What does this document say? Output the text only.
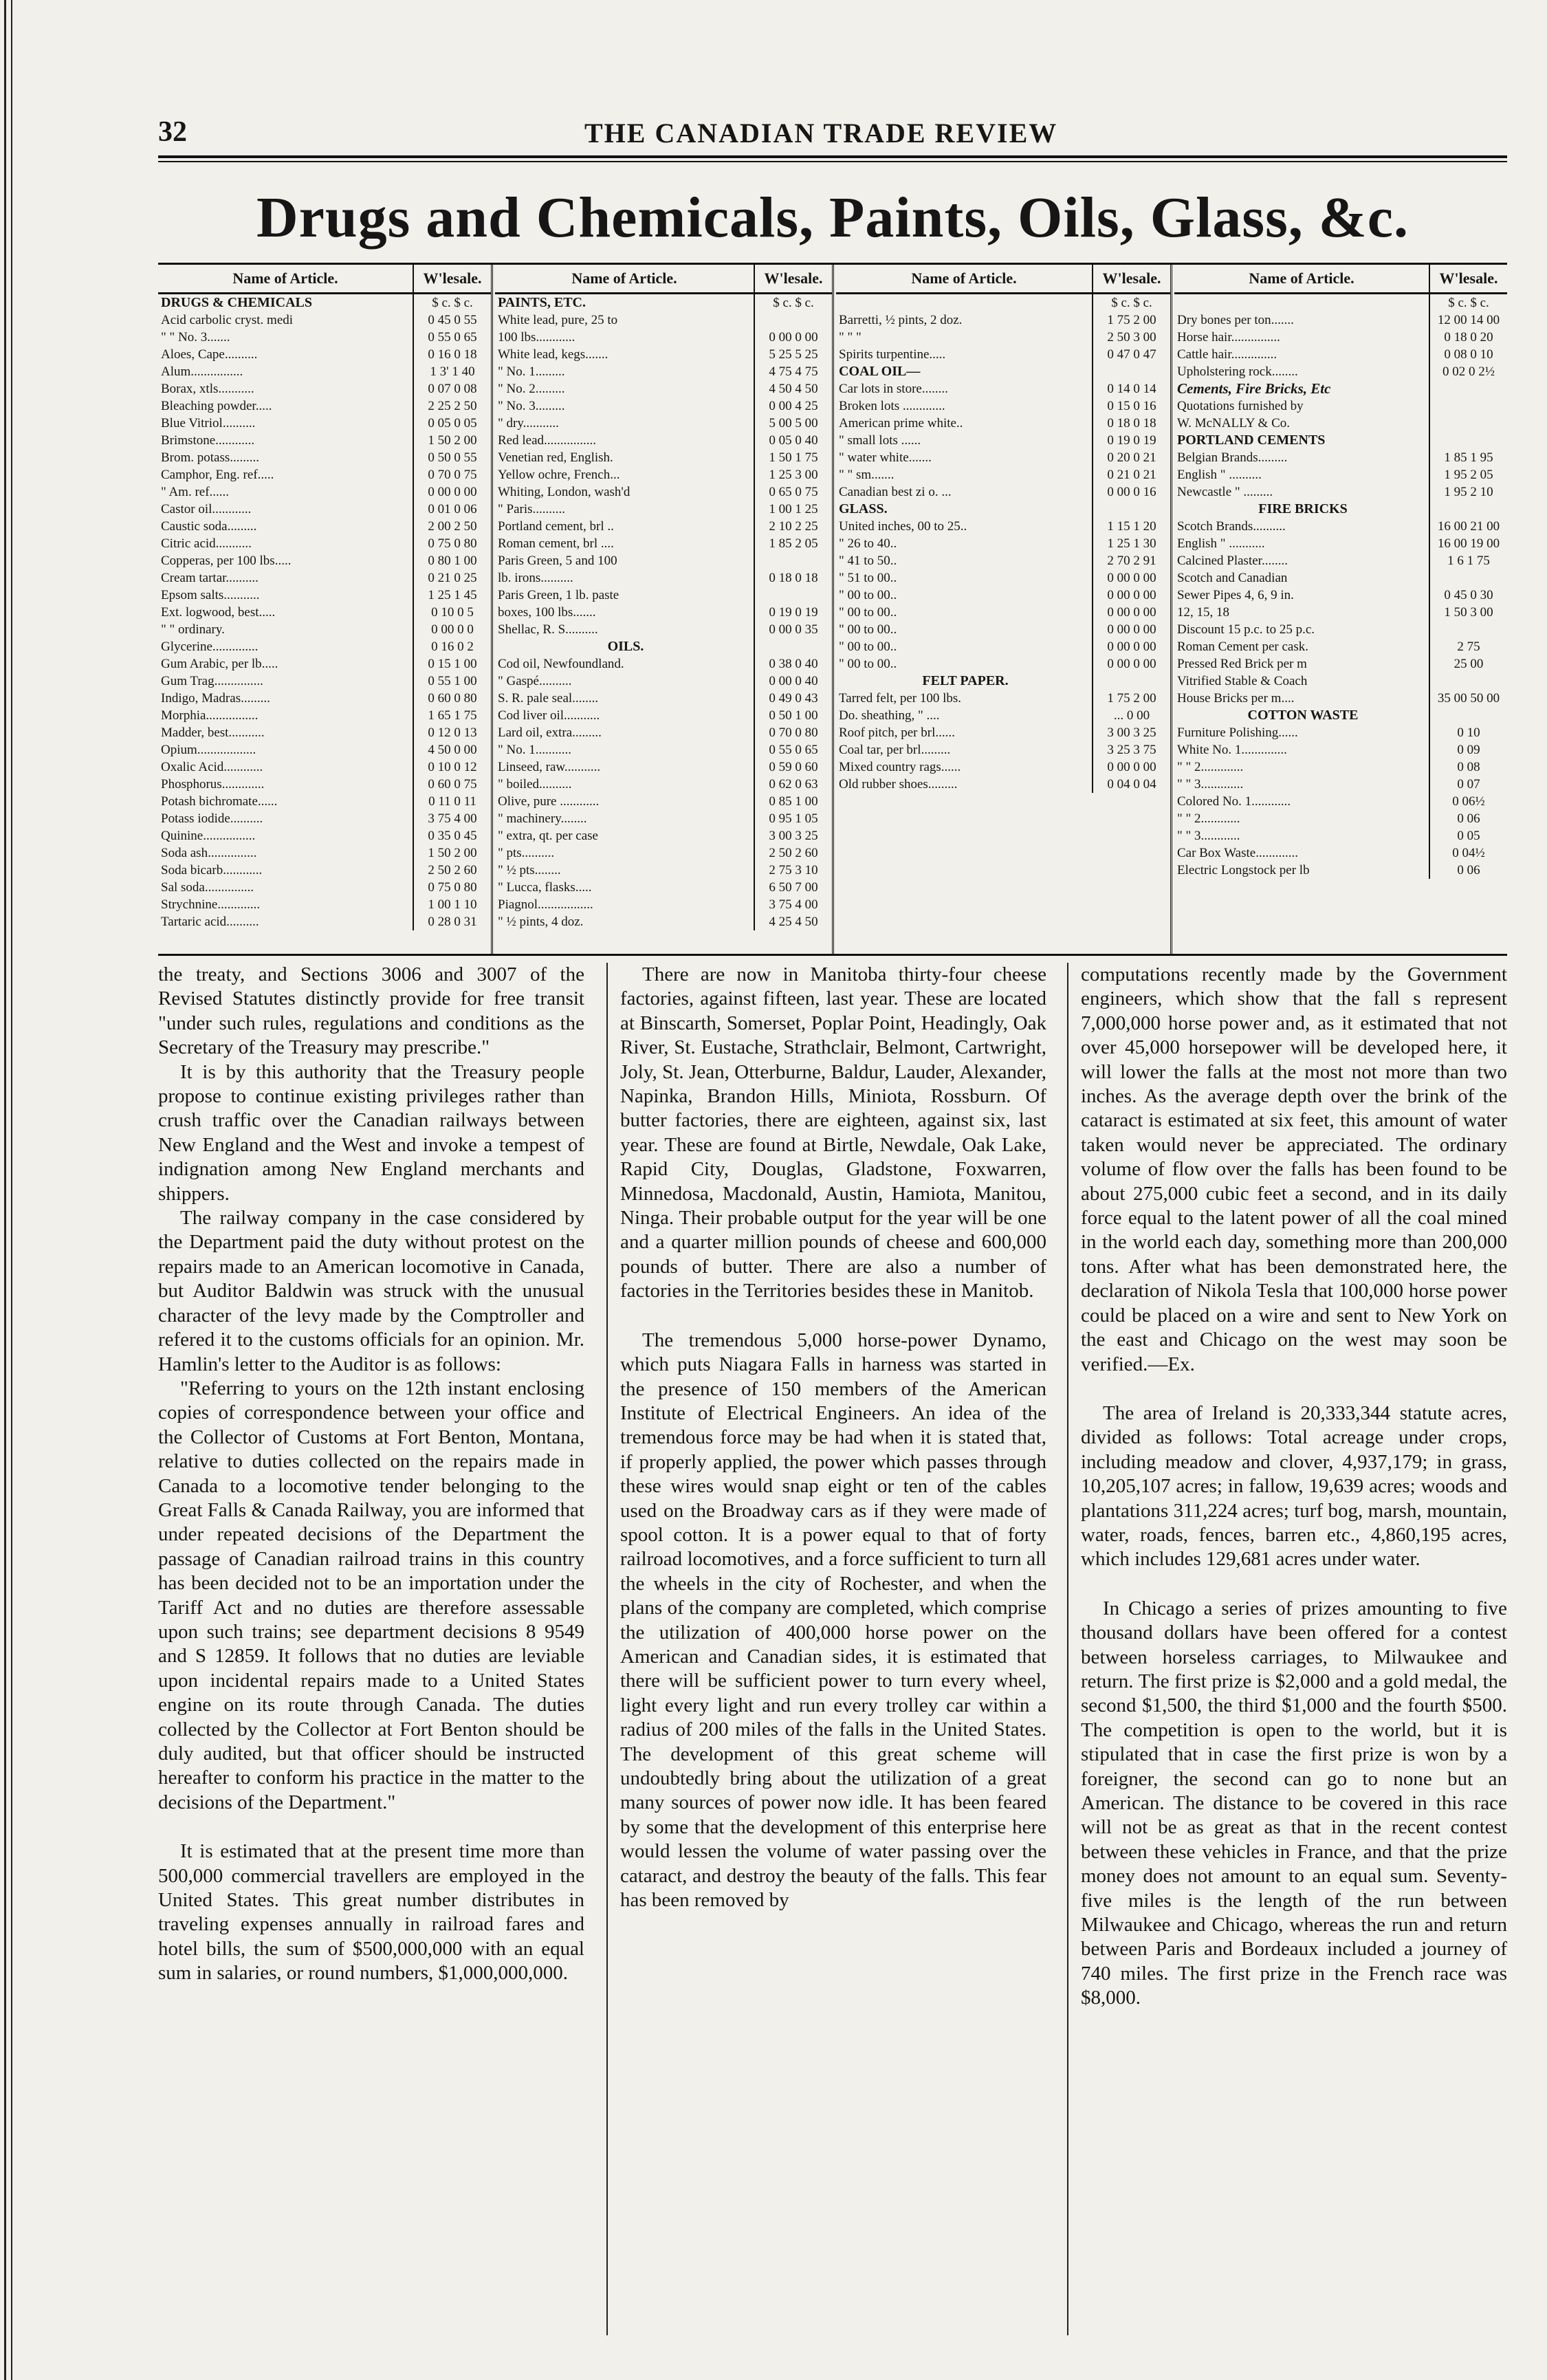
32	THE CANADIAN TRADE REVIEW
Drugs and Chemicals, Paints, Oils, Glass, &c.
Name of Article.	W'lesale.
DRUGS & CHEMICALS	$ c. $ c.
Acid carbolic cryst. medi	0 45 0 55
" " No. 3.......	0 55 0 65
Aloes, Cape..........	0 16 0 18
Alum................	1 3' 1 40
Borax, xtls...........	0 07 0 08
Bleaching powder.....	2 25 2 50
Blue Vitriol..........	0 05 0 05
Brimstone............	1 50 2 00
Brom. potass.........	0 50 0 55
Camphor, Eng. ref.....	0 70 0 75
" Am. ref......	0 00 0 00
Castor oil............	0 01 0 06
Caustic soda.........	2 00 2 50
Citric acid...........	0 75 0 80
Copperas, per 100 lbs.....	0 80 1 00
Cream tartar..........	0 21 0 25
Epsom salts...........	1 25 1 45
Ext. logwood, best.....	0 10 0 5
" " ordinary.	0 00 0 0
Glycerine..............	0 16 0 2
Gum Arabic, per lb.....	0 15 1 00
Gum Trag...............	0 55 1 00
Indigo, Madras.........	0 60 0 80
Morphia................	1 65 1 75
Madder, best...........	0 12 0 13
Opium..................	4 50 0 00
Oxalic Acid............	0 10 0 12
Phosphorus.............	0 60 0 75
Potash bichromate......	0 11 0 11
Potass iodide..........	3 75 4 00
Quinine................	0 35 0 45
Soda ash...............	1 50 2 00
Soda bicarb............	2 50 2 60
Sal soda...............	0 75 0 80
Strychnine.............	1 00 1 10
Tartaric acid..........	0 28 0 31
Name of Article.	W'lesale.
PAINTS, ETC.	$ c. $ c.
White lead, pure, 25 to
100 lbs............	0 00 0 00
White lead, kegs.......	5 25 5 25
" No. 1.........	4 75 4 75
" No. 2.........	4 50 4 50
" No. 3.........	0 00 4 25
" dry...........	5 00 5 00
Red lead................	0 05 0 40
Venetian red, English.	1 50 1 75
Yellow ochre, French...	1 25 3 00
Whiting, London, wash'd	0 65 0 75
" Paris..........	1 00 1 25
Portland cement, brl ..	2 10 2 25
Roman cement, brl ....	1 85 2 05
Paris Green, 5 and 100
lb. irons..........	0 18 0 18
Paris Green, 1 lb. paste
boxes, 100 lbs.......	0 19 0 19
Shellac, R. S..........	0 00 0 35
OILS.
Cod oil, Newfoundland.	0 38 0 40
" Gaspé..........	0 00 0 40
S. R. pale seal........	0 49 0 43
Cod liver oil...........	0 50 1 00
Lard oil, extra.........	0 70 0 80
" No. 1...........	0 55 0 65
Linseed, raw...........	0 59 0 60
" boiled..........	0 62 0 63
Olive, pure ............	0 85 1 00
" machinery........	0 95 1 05
" extra, qt. per case	3 00 3 25
" pts..........	2 50 2 60
" ½ pts........	2 75 3 10
" Lucca, flasks.....	6 50 7 00
Piagnol.................	3 75 4 00
" ½ pints, 4 doz.	4 25 4 50
Name of Article.	W'lesale.
$ c. $ c.
Barretti, ½ pints, 2 doz.	1 75 2 00
" " "	2 50 3 00
Spirits turpentine.....	0 47 0 47
COAL OIL—
Car lots in store........	0 14 0 14
Broken lots .............	0 15 0 16
American prime white..	0 18 0 18
" small lots ......	0 19 0 19
" water white.......	0 20 0 21
" " sm.......	0 21 0 21
Canadian best zi o. ...	0 00 0 16
GLASS.
United inches, 00 to 25..	1 15 1 20
" 26 to 40..	1 25 1 30
" 41 to 50..	2 70 2 91
" 51 to 00..	0 00 0 00
" 00 to 00..	0 00 0 00
" 00 to 00..	0 00 0 00
" 00 to 00..	0 00 0 00
" 00 to 00..	0 00 0 00
" 00 to 00..	0 00 0 00
FELT PAPER.
Tarred felt, per 100 lbs.	1 75 2 00
Do. sheathing, " ....	... 0 00
Roof pitch, per brl......	3 00 3 25
Coal tar, per brl.........	3 25 3 75
Mixed country rags......	0 00 0 00
Old rubber shoes.........	0 04 0 04
Name of Article.	W'lesale.
$ c. $ c.
Dry bones per ton.......	12 00 14 00
Horse hair...............	0 18 0 20
Cattle hair..............	0 08 0 10
Upholstering rock........	0 02 0 2½
Cements, Fire Bricks, Etc
Quotations furnished by
W. McNALLY & Co.
PORTLAND CEMENTS
Belgian Brands.........	1 85 1 95
English " ..........	1 95 2 05
Newcastle " .........	1 95 2 10
FIRE BRICKS
Scotch Brands..........	16 00 21 00
English " ...........	16 00 19 00
Calcined Plaster........	1 6 1 75
Scotch and Canadian
Sewer Pipes 4, 6, 9 in.	0 45 0 30
12, 15, 18	1 50 3 00
Discount 15 p.c. to 25 p.c.
Roman Cement per cask.	2 75
Pressed Red Brick per m	25 00
Vitrified Stable & Coach
House Bricks per m....	35 00 50 00
COTTON WASTE
Furniture Polishing......	0 10
White No. 1..............	0 09
" " 2.............	0 08
" " 3.............	0 07
Colored No. 1............	0 06½
" " 2............	0 06
" " 3............	0 05
Car Box Waste.............	0 04½
Electric Longstock per lb	0 06

the treaty, and Sections 3006 and 3007 of the Revised Statutes distinctly provide for free transit "under such rules, regulations and conditions as the Secretary of the Treasury may prescribe."

It is by this authority that the Treasury people propose to continue existing privileges rather than crush traffic over the Canadian railways between New England and the West and invoke a tempest of indignation among New England merchants and shippers.

The railway company in the case considered by the Department paid the duty without protest on the repairs made to an American locomotive in Canada, but Auditor Baldwin was struck with the unusual character of the levy made by the Comptroller and refered it to the customs officials for an opinion. Mr. Hamlin's letter to the Auditor is as follows:

"Referring to yours on the 12th instant enclosing copies of correspondence between your office and the Collector of Customs at Fort Benton, Montana, relative to duties collected on the repairs made in Canada to a locomotive tender belonging to the Great Falls & Canada Railway, you are informed that under repeated decisions of the Department the passage of Canadian railroad trains in this country has been decided not to be an importation under the Tariff Act and no duties are therefore assessable upon such trains; see department decisions 8 9549 and S 12859. It follows that no duties are leviable upon incidental repairs made to a United States engine on its route through Canada. The duties collected by the Collector at Fort Benton should be duly audited, but that officer should be instructed hereafter to conform his practice in the matter to the decisions of the Department."

It is estimated that at the present time more than 500,000 commercial travellers are employed in the United States. This great number distributes in traveling expenses annually in railroad fares and hotel bills, the sum of $500,000,000 with an equal sum in salaries, or round numbers, $1,000,000,000.

There are now in Manitoba thirty-four cheese factories, against fifteen, last year. These are located at Binscarth, Somerset, Poplar Point, Headingly, Oak River, St. Eustache, Strathclair, Belmont, Cartwright, Joly, St. Jean, Otterburne, Baldur, Lauder, Alexander, Napinka, Brandon Hills, Miniota, Rossburn. Of butter factories, there are eighteen, against six, last year. These are found at Birtle, Newdale, Oak Lake, Rapid City, Douglas, Gladstone, Foxwarren, Minnedosa, Macdonald, Austin, Hamiota, Manitou, Ninga. Their probable output for the year will be one and a quarter million pounds of cheese and 600,000 pounds of butter. There are also a number of factories in the Territories besides these in Manitob.

The tremendous 5,000 horse-power Dynamo, which puts Niagara Falls in harness was started in the presence of 150 members of the American Institute of Electrical Engineers. An idea of the tremendous force may be had when it is stated that, if properly applied, the power which passes through these wires would snap eight or ten of the cables used on the Broadway cars as if they were made of spool cotton. It is a power equal to that of forty railroad locomotives, and a force sufficient to turn all the wheels in the city of Rochester, and when the plans of the company are completed, which comprise the utilization of 400,000 horse power on the American and Canadian sides, it is estimated that there will be sufficient power to turn every wheel, light every light and run every trolley car within a radius of 200 miles of the falls in the United States. The development of this great scheme will undoubtedly bring about the utilization of a great many sources of power now idle. It has been feared by some that the development of this enterprise here would lessen the volume of water passing over the cataract, and destroy the beauty of the falls. This fear has been removed by

computations recently made by the Government engineers, which show that the fall s represent 7,000,000 horse power and, as it estimated that not over 45,000 horsepower will be developed here, it will lower the falls at the most not more than two inches. As the average depth over the brink of the cataract is estimated at six feet, this amount of water taken would never be appreciated. The ordinary volume of flow over the falls has been found to be about 275,000 cubic feet a second, and in its daily force equal to the latent power of all the coal mined in the world each day, something more than 200,000 tons. After what has been demonstrated here, the declaration of Nikola Tesla that 100,000 horse power could be placed on a wire and sent to New York on the east and Chicago on the west may soon be verified.—Ex.

The area of Ireland is 20,333,344 statute acres, divided as follows: Total acreage under crops, including meadow and clover, 4,937,179; in grass, 10,205,107 acres; in fallow, 19,639 acres; woods and plantations 311,224 acres; turf bog, marsh, mountain, water, roads, fences, barren etc., 4,860,195 acres, which includes 129,681 acres under water.

In Chicago a series of prizes amounting to five thousand dollars have been offered for a contest between horseless carriages, to Milwaukee and return. The first prize is $2,000 and a gold medal, the second $1,500, the third $1,000 and the fourth $500. The competition is open to the world, but it is stipulated that in case the first prize is won by a foreigner, the second can go to none but an American. The distance to be covered in this race will not be as great as that in the recent contest between these vehicles in France, and that the prize money does not amount to an equal sum. Seventy-five miles is the length of the run between Milwaukee and Chicago, whereas the run and return between Paris and Bordeaux included a journey of 740 miles. The first prize in the French race was $8,000.
